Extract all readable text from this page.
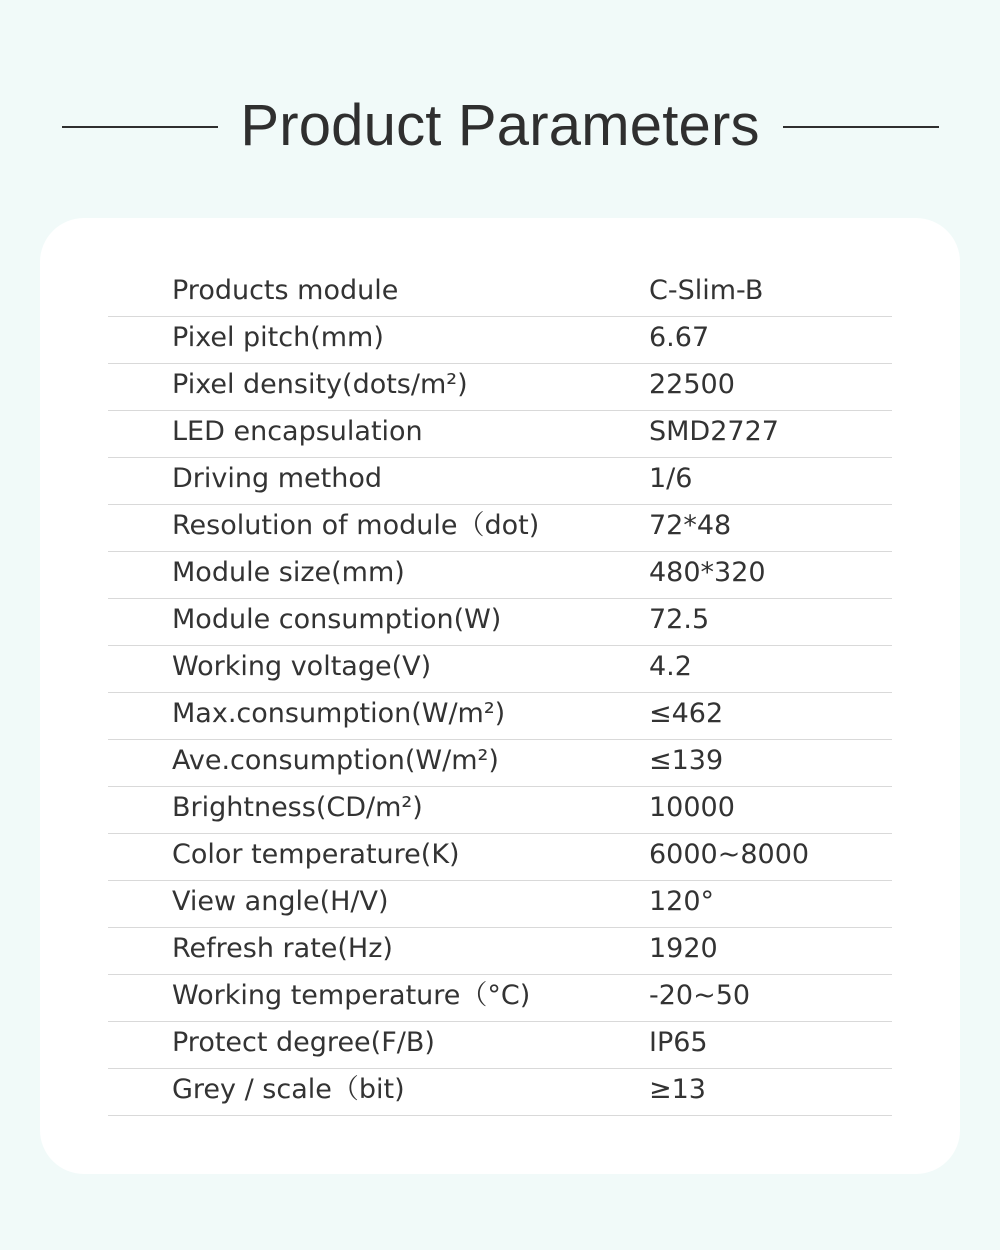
Product Parameters
Products module	C-Slim-B
Pixel pitch(mm)	6.67
Pixel density(dots/m²)	22500
LED encapsulation	SMD2727
Driving method	1/6
Resolution of module（dot)	72*48
Module size(mm)	480*320
Module consumption(W)	72.5
Working voltage(V)	4.2
Max.consumption(W/m²)	≤462
Ave.consumption(W/m²)	≤139
Brightness(CD/m²)	10000
Color temperature(K)	6000~8000
View angle(H/V)	120°
Refresh rate(Hz)	1920
Working temperature（°C)	-20~50
Protect degree(F/B)	IP65
Grey / scale（bit)	≥13
